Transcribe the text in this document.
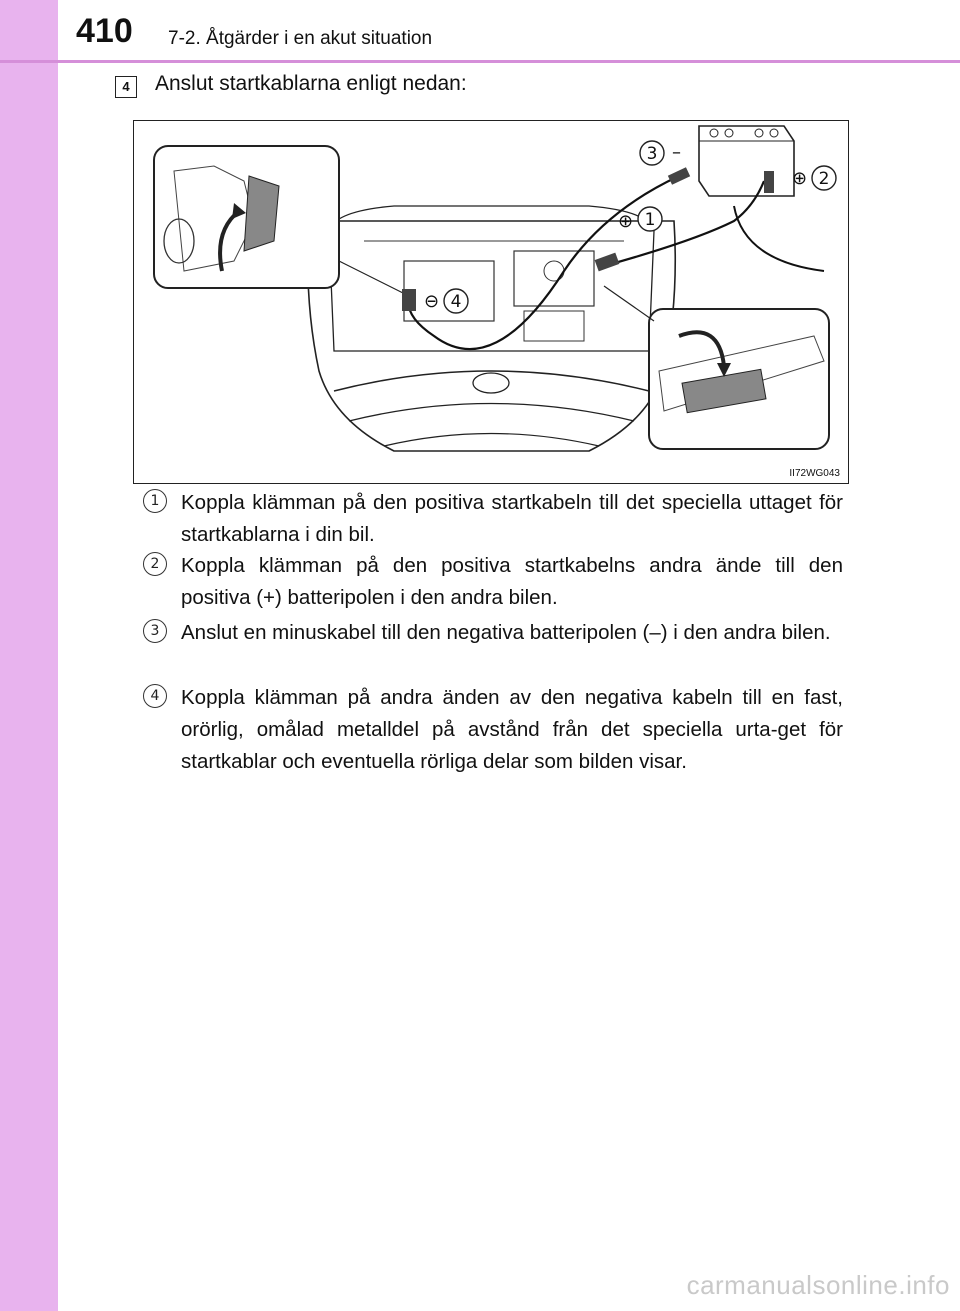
410 7-2. Åtgärder i en akut situation
4	Anslut startkablarna enligt nedan:
3 –
⊕ 2
⊕ 1
⊖ 4
II72WG043
1	Koppla klämman på den positiva startkabeln till det speciella uttaget för startkablarna i din bil.
2	Koppla klämman på den positiva startkabelns andra ände till den positiva (+) batteripolen i den andra bilen.
3	Anslut en minuskabel till den negativa batteripolen (–) i den andra bilen.
4	Koppla klämman på andra änden av den negativa kabeln till en fast, orörlig, omålad metalldel på avstånd från det speciella urta-get för startkablar och eventuella rörliga delar som bilden visar.
carmanualsonline.info
